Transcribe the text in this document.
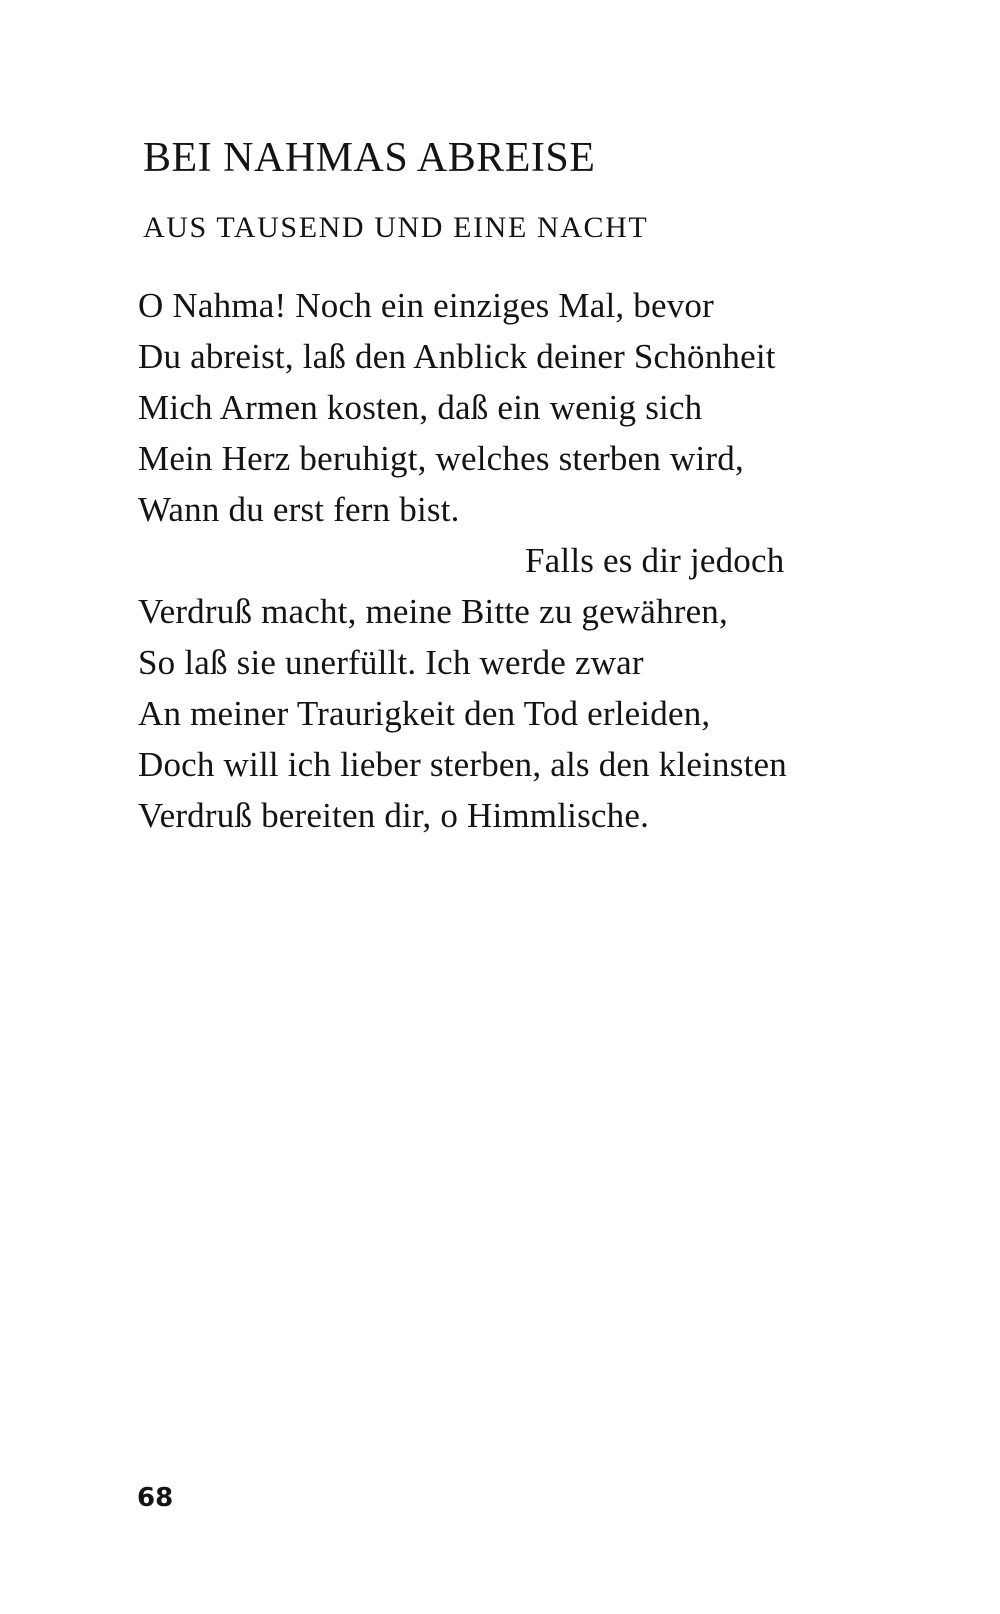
BEI NAHMAS ABREISE
AUS TAUSEND UND EINE NACHT
O Nahma! Noch ein einziges Mal, bevor
Du abreist, laß den Anblick deiner Schönheit
Mich Armen kosten, daß ein wenig sich
Mein Herz beruhigt, welches sterben wird,
Wann du erst fern bist.
Falls es dir jedoch
Verdruß macht, meine Bitte zu gewähren,
So laß sie unerfüllt. Ich werde zwar
An meiner Traurigkeit den Tod erleiden,
Doch will ich lieber sterben, als den kleinsten
Verdruß bereiten dir, o Himmlische.
68
